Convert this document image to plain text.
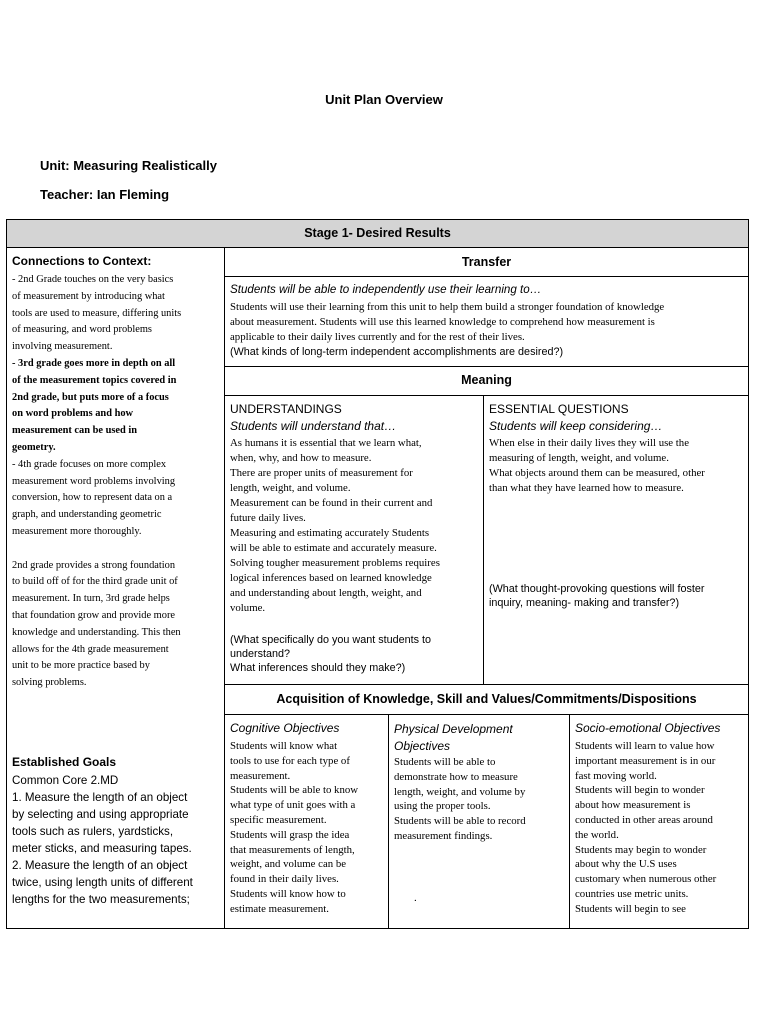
Unit Plan Overview
Unit: Measuring Realistically
Teacher: Ian Fleming
Stage 1- Desired Results
Connections to Context:
- 2nd Grade touches on the very basics
of measurement by introducing what
tools are used to measure, differing units
of measuring, and word problems
involving measurement.
- 3rd grade goes more in depth on all
of the measurement topics covered in
2nd grade, but puts more of a focus
on word problems and how
measurement can be used in
geometry.
- 4th grade focuses on more complex
measurement word problems involving
conversion, how to represent data on a
graph, and understanding geometric
measurement more thoroughly.
2nd grade provides a strong foundation
to build off of for the third grade unit of
measurement. In turn, 3rd grade helps
that foundation grow and provide more
knowledge and understanding. This then
allows for the 4th grade measurement
unit to be more practice based by
solving problems.
Established Goals
Common Core 2.MD
1. Measure the length of an object
by selecting and using appropriate
tools such as rulers, yardsticks,
meter sticks, and measuring tapes.
2. Measure the length of an object
twice, using length units of different
lengths for the two measurements;
Transfer
Students will be able to independently use their learning to…
Students will use their learning from this unit to help them build a stronger foundation of knowledge
about measurement. Students will use this learned knowledge to comprehend how measurement is
applicable to their daily lives currently and for the rest of their lives.
(What kinds of long-term independent accomplishments are desired?)
Meaning
UNDERSTANDINGS
Students will understand that…
As humans it is essential that we learn what,
when, why, and how to measure.
There are proper units of measurement for
length, weight, and volume.
Measurement can be found in their current and
future daily lives.
Measuring and estimating accurately Students
will be able to estimate and accurately measure.
Solving tougher measurement problems requires
logical inferences based on learned knowledge
and understanding about length, weight, and
volume.
(What specifically do you want students to
understand?
What inferences should they make?)
ESSENTIAL QUESTIONS
Students will keep considering…
When else in their daily lives they will use the
measuring of length, weight, and volume.
What objects around them can be measured, other
than what they have learned how to measure.
(What thought-provoking questions will foster
inquiry, meaning- making and transfer?)
Acquisition of Knowledge, Skill and Values/Commitments/Dispositions
Cognitive Objectives
Students will know what
tools to use for each type of
measurement.
Students will be able to know
what type of unit goes with a
specific measurement.
Students will grasp the idea
that measurements of length,
weight, and volume can be
found in their daily lives.
Students will know how to
estimate measurement.
Physical Development
Objectives
Students will be able to
demonstrate how to measure
length, weight, and volume by
using the proper tools.
Students will be able to record
measurement findings.
.
Socio-emotional Objectives
Students will learn to value how
important measurement is in our
fast moving world.
Students will begin to wonder
about how measurement is
conducted in other areas around
the world.
Students may begin to wonder
about why the U.S uses
customary when numerous other
countries use metric units.
Students will begin to see
